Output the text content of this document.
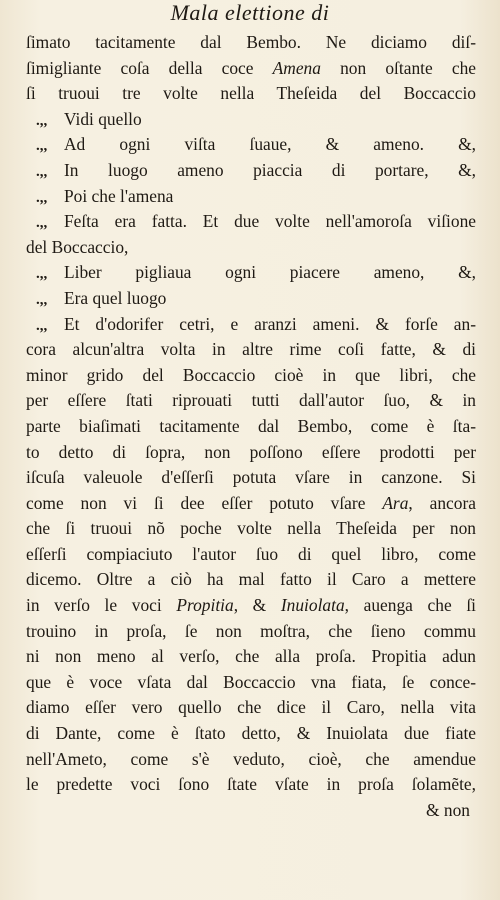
Mala elettione di
ſimato tacitamente dal Bembo. Ne diciamo diſ-
ſimigliante coſa della coce Amena non oſtante che
ſi truoui tre volte nella Theſeida del Boccaccio
.,, Vidi quello
.,, Ad ogni viſta ſuaue, & ameno. &,
.,, In luogo ameno piaccia di portare, &,
.,, Poi che l'amena
.,, Feſta era fatta. Et due volte nell'amoroſa viſione
del Boccaccio,
.,, Liber pigliaua ogni piacere ameno, &,
.,, Era quel luogo
.,, Et d'odorifer cetri, e aranzi ameni. & forſe an-
cora alcun'altra volta in altre rime coſi fatte, & di
minor grido del Boccaccio cioè in que libri, che
per eſſere ſtati riprouati tutti dall'autor ſuo, & in
parte biaſimati tacitamente dal Bembo, come è ſta-
to detto di ſopra, non poſſono eſſere prodotti per
iſcuſa valeuole d'eſſerſi potuta vſare in canzone. Si
come non vi ſi dee eſſer potuto vſare Ara, ancora
che ſi truoui nõ poche volte nella Theſeida per non
eſſerſi compiaciuto l'autor ſuo di quel libro, come
dicemo. Oltre a ciò ha mal fatto il Caro a mettere
in verſo le voci Propitia, & Inuiolata, auenga che ſi
trouino in proſa, ſe non moſtra, che ſieno commu
ni non meno al verſo, che alla proſa. Propitia adun
que è voce vſata dal Boccaccio vna fiata, ſe conce-
diamo eſſer vero quello che dice il Caro, nella vita
di Dante, come è ſtato detto, & Inuiolata due fiate
nell'Ameto, come s'è veduto, cioè, che amendue
le predette voci ſono ſtate vſate in proſa ſolamẽte,
& non
